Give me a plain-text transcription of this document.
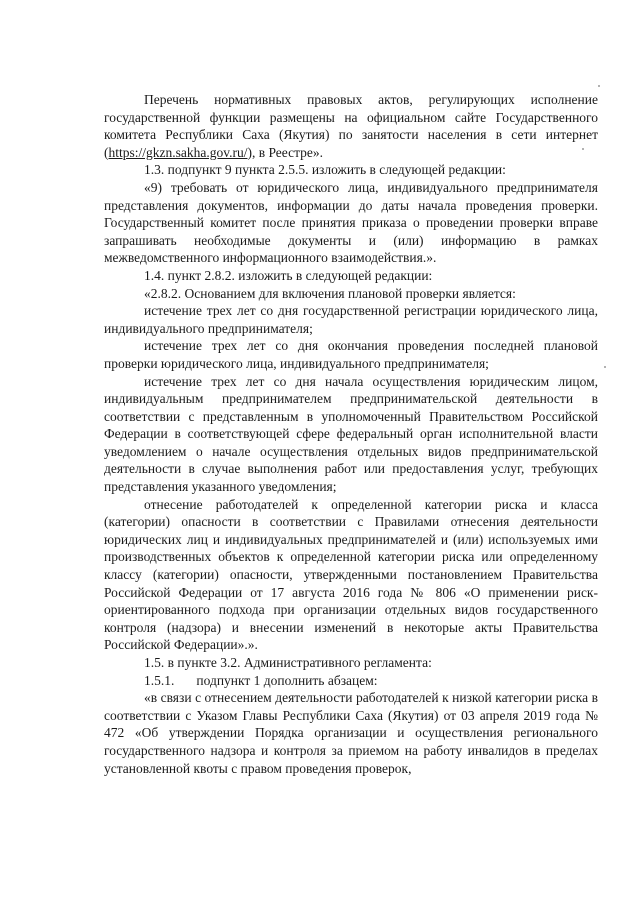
Перечень нормативных правовых актов, регулирующих исполнение государственной функции размещены на официальном сайте Государственного комитета Республики Саха (Якутия) по занятости населения в сети интернет (https://gkzn.sakha.gov.ru/), в Реестре».

1.3. подпункт 9 пункта 2.5.5. изложить в следующей редакции:

«9) требовать от юридического лица, индивидуального предпринимателя представления документов, информации до даты начала проведения проверки. Государственный комитет после принятия приказа о проведении проверки вправе запрашивать необходимые документы и (или) информацию в рамках межведомственного информационного взаимодействия.».

1.4. пункт 2.8.2. изложить в следующей редакции:

«2.8.2. Основанием для включения плановой проверки является:

истечение трех лет со дня государственной регистрации юридического лица, индивидуального предпринимателя;

истечение трех лет со дня окончания проведения последней плановой проверки юридического лица, индивидуального предпринимателя;

истечение трех лет со дня начала осуществления юридическим лицом, индивидуальным предпринимателем предпринимательской деятельности в соответствии с представленным в уполномоченный Правительством Российской Федерации в соответствующей сфере федеральный орган исполнительной власти уведомлением о начале осуществления отдельных видов предпринимательской деятельности в случае выполнения работ или предоставления услуг, требующих представления указанного уведомления;

отнесение работодателей к определенной категории риска и класса (категории) опасности в соответствии с Правилами отнесения деятельности юридических лиц и индивидуальных предпринимателей и (или) используемых ими производственных объектов к определенной категории риска или определенному классу (категории) опасности, утвержденными постановлением Правительства Российской Федерации от 17 августа 2016 года № 806 «О применении риск-ориентированного подхода при организации отдельных видов государственного контроля (надзора) и внесении изменений в некоторые акты Правительства Российской Федерации».».

1.5. в пункте 3.2. Административного регламента:

1.5.1. подпункт 1 дополнить абзацем:

«в связи с отнесением деятельности работодателей к низкой категории риска в соответствии с Указом Главы Республики Саха (Якутия) от 03 апреля 2019 года № 472 «Об утверждении Порядка организации и осуществления регионального государственного надзора и контроля за приемом на работу инвалидов в пределах установленной квоты с правом проведения проверок,
